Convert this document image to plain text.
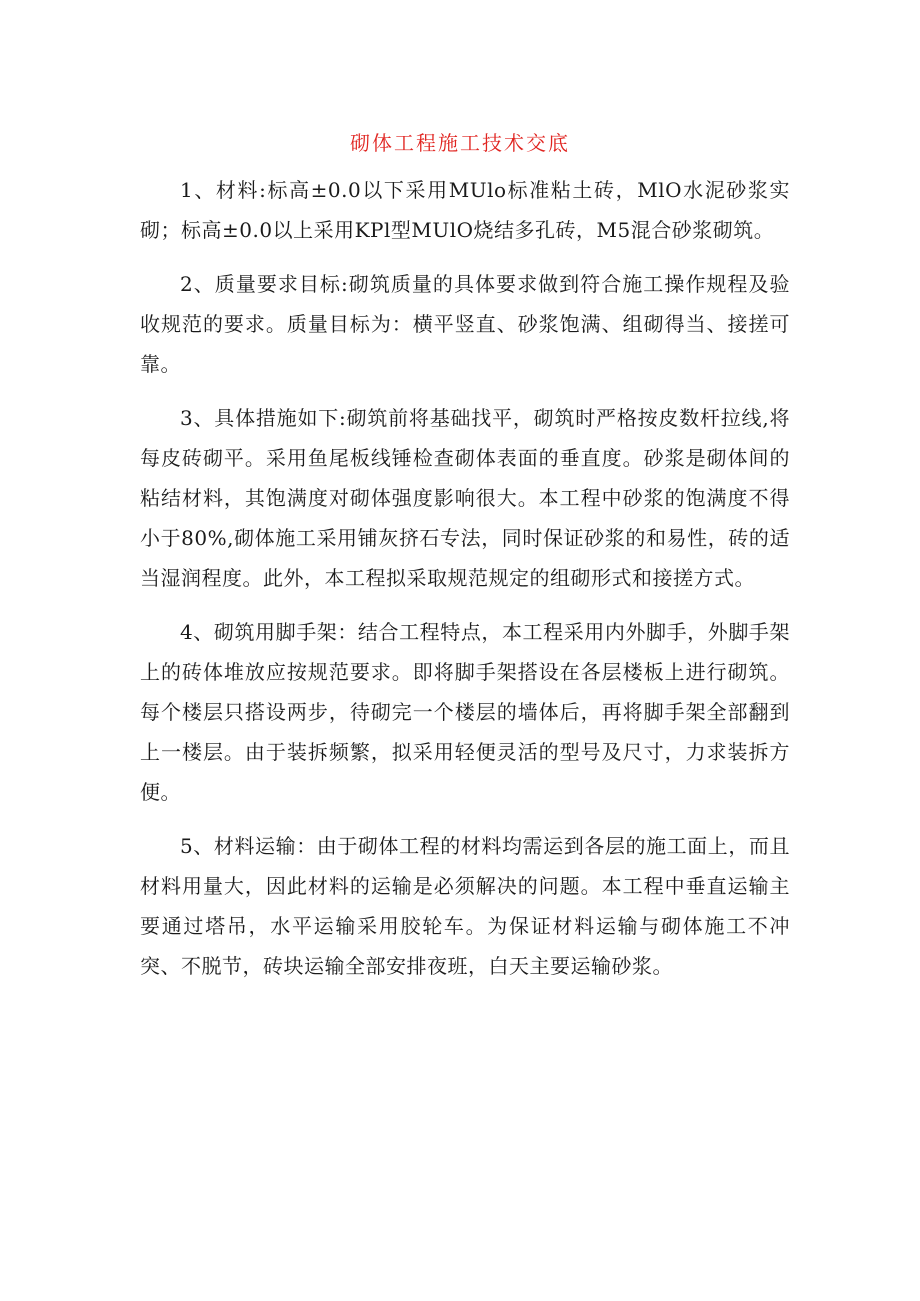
砌体工程施工技术交底

1、材料:标高±0.0以下采用MUlo标准粘土砖，MlO水泥砂浆实砌；标高±0.0以上采用KPl型MUlO烧结多孔砖，M5混合砂浆砌筑。

2、质量要求目标:砌筑质量的具体要求做到符合施工操作规程及验收规范的要求。质量目标为：横平竖直、砂浆饱满、组砌得当、接搓可靠。

3、具体措施如下:砌筑前将基础找平，砌筑时严格按皮数杆拉线,将每皮砖砌平。采用鱼尾板线锤检查砌体表面的垂直度。砂浆是砌体间的粘结材料，其饱满度对砌体强度影响很大。本工程中砂浆的饱满度不得小于80%,砌体施工采用铺灰挤石专法，同时保证砂浆的和易性，砖的适当湿润程度。此外，本工程拟采取规范规定的组砌形式和接搓方式。

4、砌筑用脚手架：结合工程特点，本工程采用内外脚手，外脚手架上的砖体堆放应按规范要求。即将脚手架搭设在各层楼板上进行砌筑。每个楼层只搭设两步，待砌完一个楼层的墙体后，再将脚手架全部翻到上一楼层。由于装拆频繁，拟采用轻便灵活的型号及尺寸，力求装拆方便。

5、材料运输：由于砌体工程的材料均需运到各层的施工面上，而且材料用量大，因此材料的运输是必须解决的问题。本工程中垂直运输主要通过塔吊，水平运输采用胶轮车。为保证材料运输与砌体施工不冲突、不脱节，砖块运输全部安排夜班，白天主要运输砂浆。
